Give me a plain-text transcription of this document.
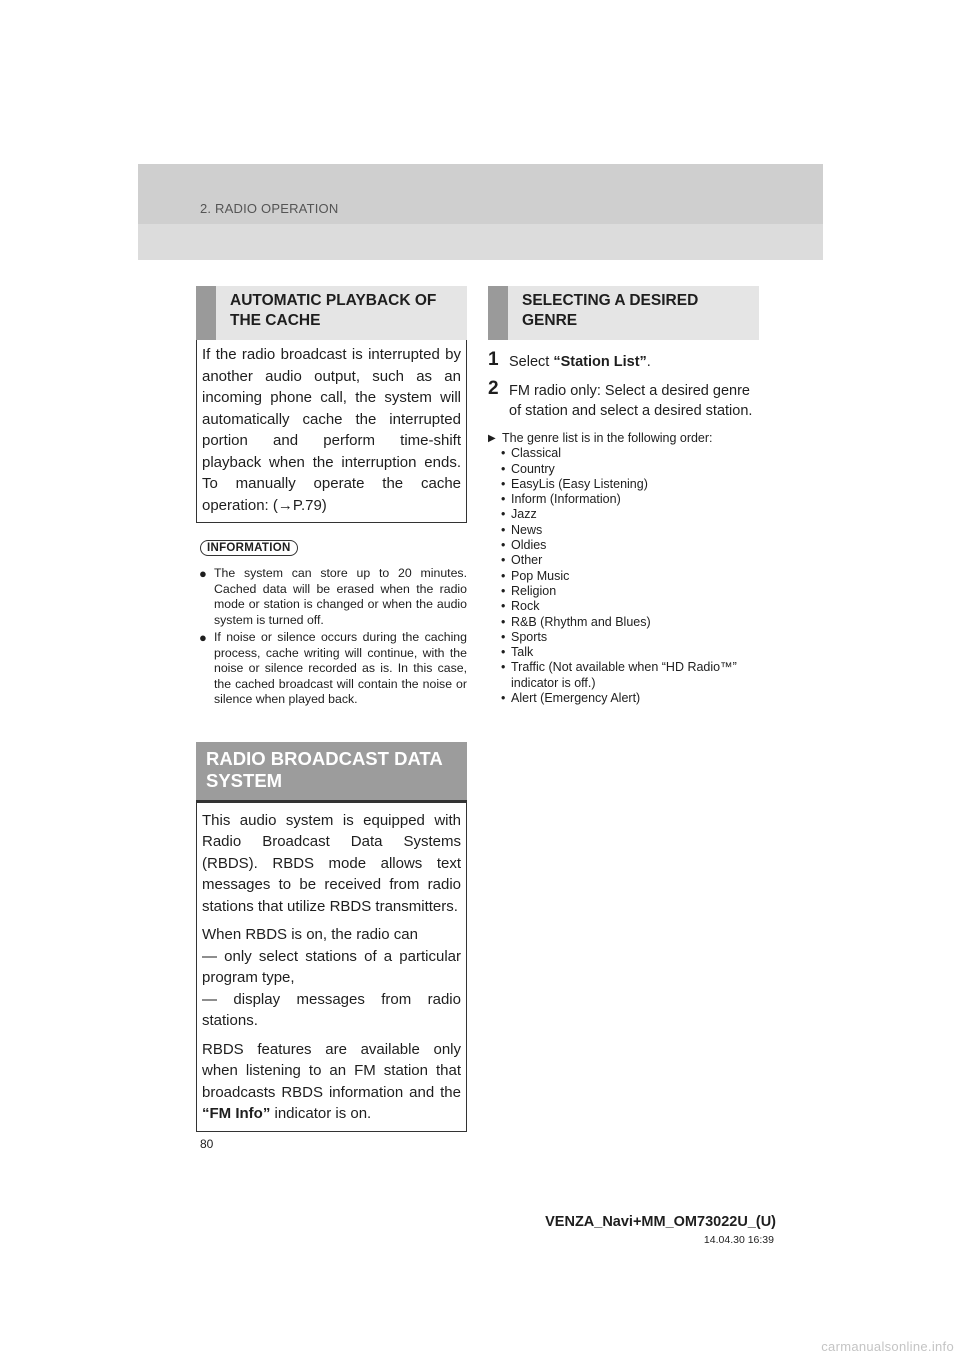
2. RADIO OPERATION
AUTOMATIC PLAYBACK OF THE CACHE

If the radio broadcast is interrupted by another audio output, such as an incoming phone call, the system will automatically cache the interrupted portion and perform time-shift playback when the interruption ends. To manually operate the cache operation: (→P.79)

INFORMATION
● The system can store up to 20 minutes. Cached data will be erased when the radio mode or station is changed or when the audio system is turned off.
● If noise or silence occurs during the caching process, cache writing will continue, with the noise or silence recorded as is. In this case, the cached broadcast will contain the noise or silence when played back.
RADIO BROADCAST DATA SYSTEM

This audio system is equipped with Radio Broadcast Data Systems (RBDS). RBDS mode allows text messages to be received from radio stations that utilize RBDS transmitters.

When RBDS is on, the radio can
— only select stations of a particular program type,
— display messages from radio stations.

RBDS features are available only when listening to an FM station that broadcasts RBDS information and the “FM Info” indicator is on.

SELECTING A DESIRED GENRE
1 Select “Station List”.
2 FM radio only: Select a desired genre of station and select a desired station.
▶ The genre list is in the following order:
• Classical
• Country
• EasyLis (Easy Listening)
• Inform (Information)
• Jazz
• News
• Oldies
• Other
• Pop Music
• Religion
• Rock
• R&B (Rhythm and Blues)
• Sports
• Talk
• Traffic (Not available when “HD Radio™” indicator is off.)
• Alert (Emergency Alert)
80
VENZA_Navi+MM_OM73022U_(U)
14.04.30 16:39
carmanualsonline.info
